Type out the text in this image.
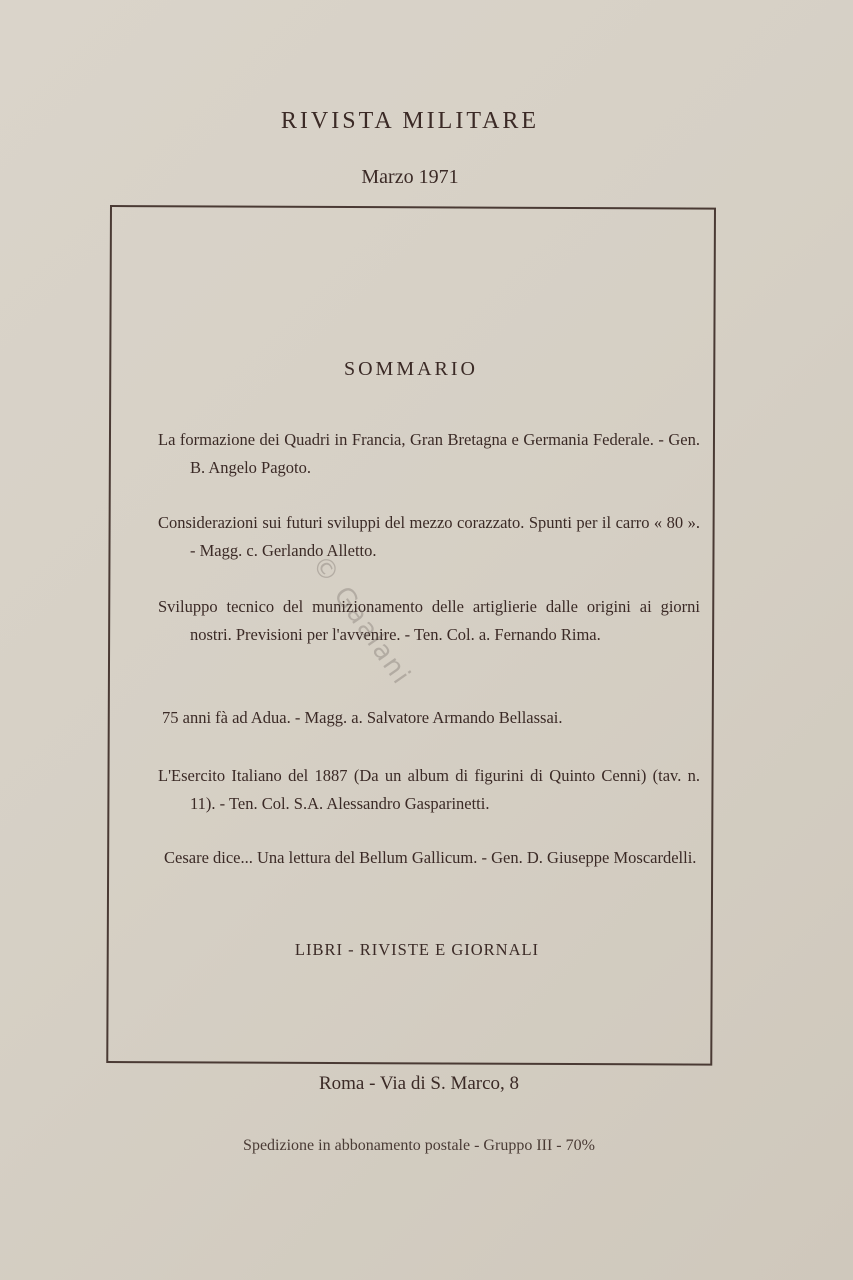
RIVISTA MILITARE
Marzo 1971
SOMMARIO
La formazione dei Quadri in Francia, Gran Bretagna e Germania Federale. - Gen. B. Angelo Pagoto.
Considerazioni sui futuri sviluppi del mezzo corazzato. Spunti per il carro « 80 ». - Magg. c. Gerlando Alletto.
Sviluppo tecnico del munizionamento delle artiglierie dalle origini ai giorni nostri. Previsioni per l'avvenire. - Ten. Col. a. Fernando Rima.
75 anni fà ad Adua. - Magg. a. Salvatore Armando Bellassai.
L'Esercito Italiano del 1887 (Da un album di figurini di Quinto Cenni) (tav. n. 11). - Ten. Col. S.A. Alessandro Gasparinetti.
Cesare dice... Una lettura del Bellum Gallicum. - Gen. D. Giuseppe Moscardelli.
LIBRI - RIVISTE E GIORNALI
Roma - Via di S. Marco, 8
Spedizione in abbonamento postale - Gruppo III - 70%
© Gaalani
